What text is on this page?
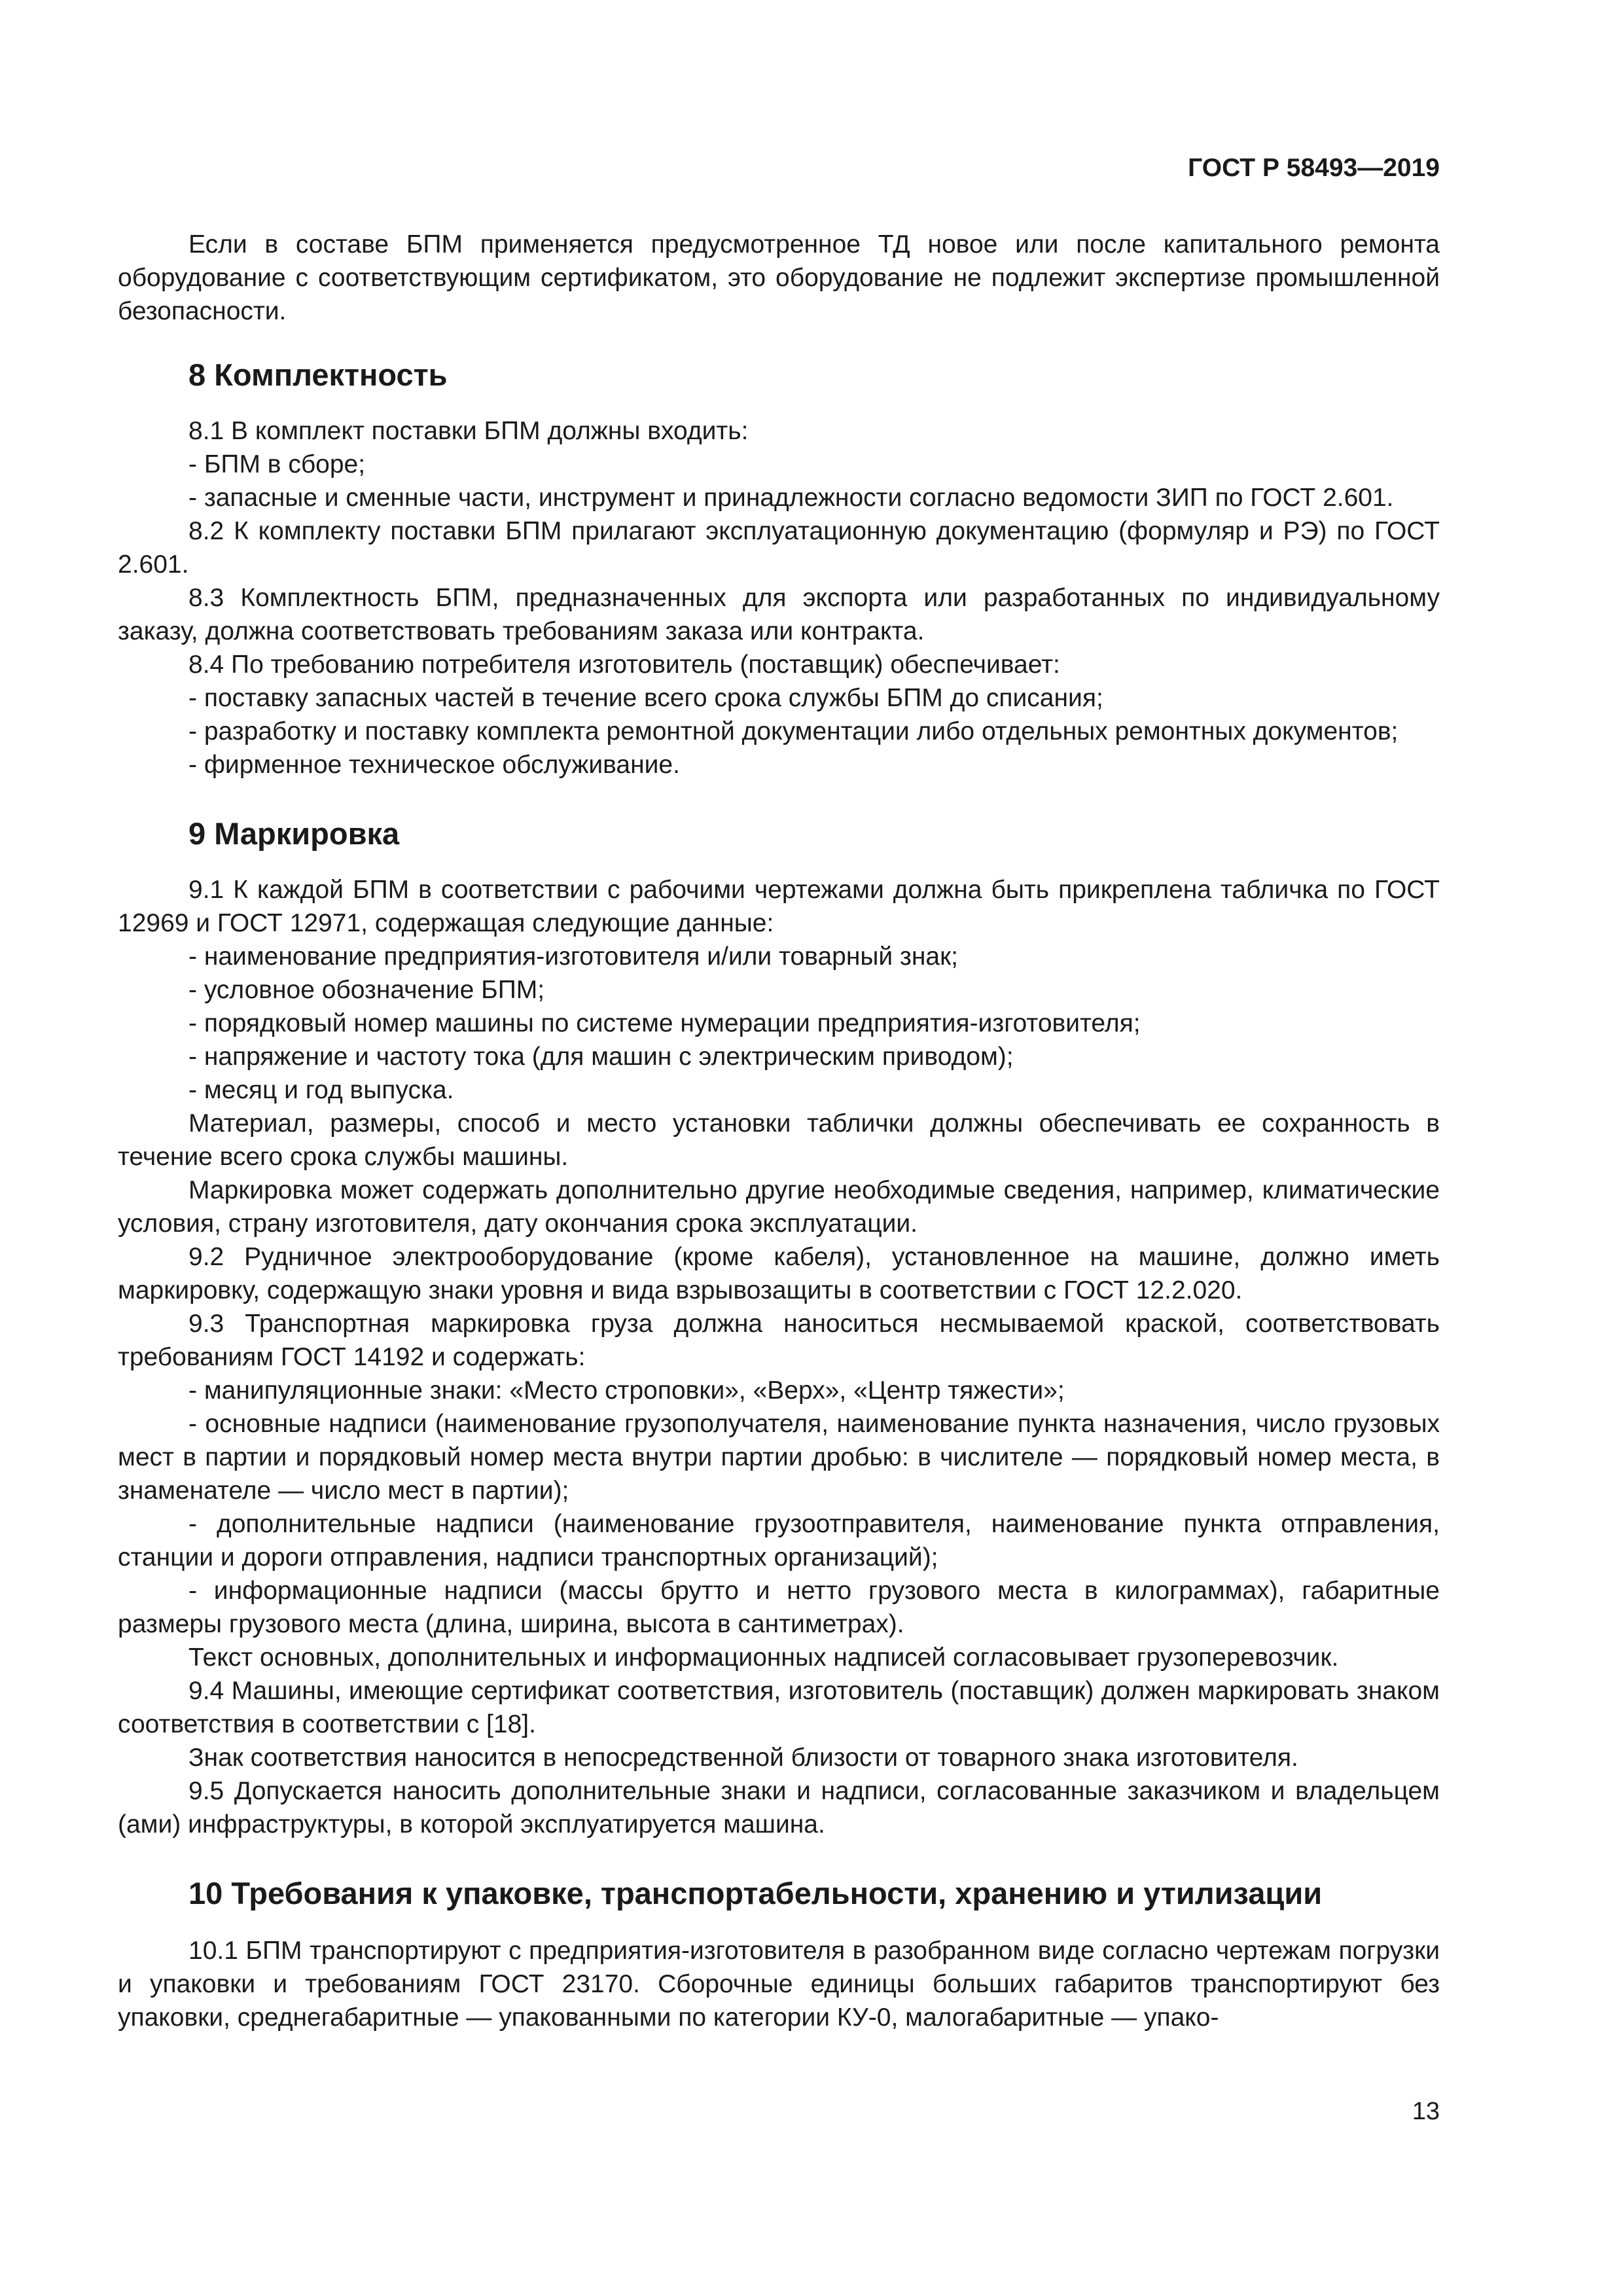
ГОСТ Р 58493—2019

Если в составе БПМ применяется предусмотренное ТД новое или после капитального ремонта оборудование с соответствующим сертификатом, это оборудование не подлежит экспертизе промышленной безопасности.

8 Комплектность

8.1 В комплект поставки БПМ должны входить:

- БПМ в сборе;

- запасные и сменные части, инструмент и принадлежности согласно ведомости ЗИП по ГОСТ 2.601.

8.2 К комплекту поставки БПМ прилагают эксплуатационную документацию (формуляр и РЭ) по ГОСТ 2.601.

8.3 Комплектность БПМ, предназначенных для экспорта или разработанных по индивидуальному заказу, должна соответствовать требованиям заказа или контракта.

8.4 По требованию потребителя изготовитель (поставщик) обеспечивает:

- поставку запасных частей в течение всего срока службы БПМ до списания;

- разработку и поставку комплекта ремонтной документации либо отдельных ремонтных документов;

- фирменное техническое обслуживание.

9 Маркировка

9.1 К каждой БПМ в соответствии с рабочими чертежами должна быть прикреплена табличка по ГОСТ 12969 и ГОСТ 12971, содержащая следующие данные:

- наименование предприятия-изготовителя и/или товарный знак;

- условное обозначение БПМ;

- порядковый номер машины по системе нумерации предприятия-изготовителя;

- напряжение и частоту тока (для машин с электрическим приводом);

- месяц и год выпуска.

Материал, размеры, способ и место установки таблички должны обеспечивать ее сохранность в течение всего срока службы машины.

Маркировка может содержать дополнительно другие необходимые сведения, например, климатические условия, страну изготовителя, дату окончания срока эксплуатации.

9.2 Рудничное электрооборудование (кроме кабеля), установленное на машине, должно иметь маркировку, содержащую знаки уровня и вида взрывозащиты в соответствии с ГОСТ 12.2.020.

9.3 Транспортная маркировка груза должна наноситься несмываемой краской, соответствовать требованиям ГОСТ 14192 и содержать:

- манипуляционные знаки: «Место строповки», «Верх», «Центр тяжести»;

- основные надписи (наименование грузополучателя, наименование пункта назначения, число грузовых мест в партии и порядковый номер места внутри партии дробью: в числителе — порядковый номер места, в знаменателе — число мест в партии);

- дополнительные надписи (наименование грузоотправителя, наименование пункта отправления, станции и дороги отправления, надписи транспортных организаций);

- информационные надписи (массы брутто и нетто грузового места в килограммах), габаритные размеры грузового места (длина, ширина, высота в сантиметрах).

Текст основных, дополнительных и информационных надписей согласовывает грузоперевозчик.

9.4 Машины, имеющие сертификат соответствия, изготовитель (поставщик) должен маркировать знаком соответствия в соответствии с [18].

Знак соответствия наносится в непосредственной близости от товарного знака изготовителя.

9.5 Допускается наносить дополнительные знаки и надписи, согласованные заказчиком и владельцем (ами) инфраструктуры, в которой эксплуатируется машина.

10 Требования к упаковке, транспортабельности, хранению и утилизации

10.1 БПМ транспортируют с предприятия-изготовителя в разобранном виде согласно чертежам погрузки и упаковки и требованиям ГОСТ 23170. Сборочные единицы больших габаритов транспортируют без упаковки, среднегабаритные — упакованными по категории КУ-0, малогабаритные — упако-

13
